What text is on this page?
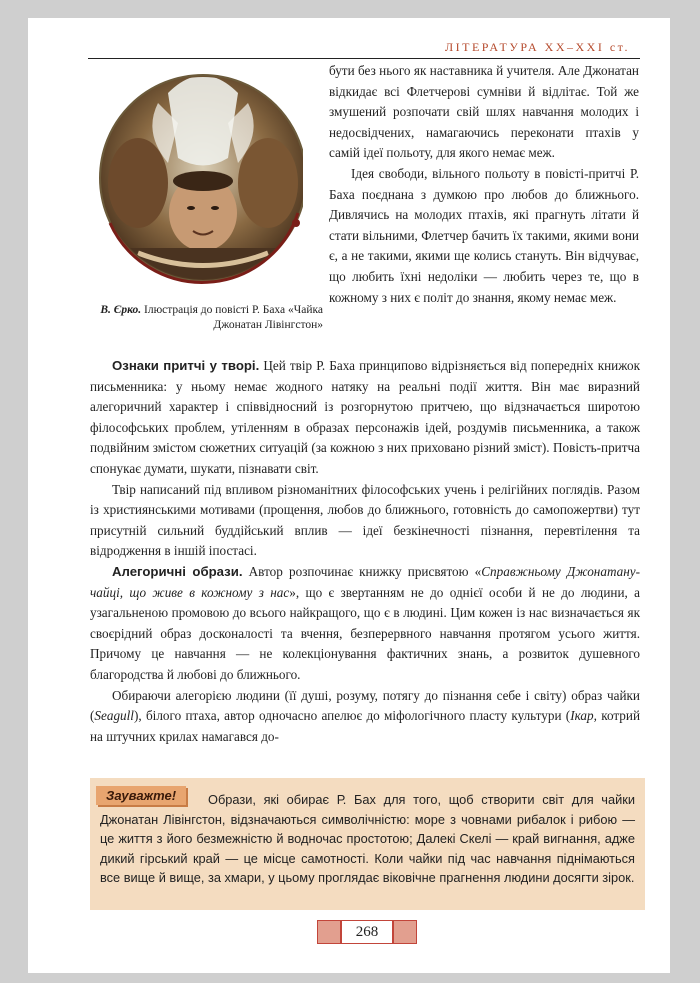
ЛІТЕРАТУРА XX–XXI ст.
В. Єрко. Ілюстрація до повісті Р. Баха «Чайка Джонатан Лівінгстон»

бути без нього як наставника й учителя. Але Джонатан відкидає всі Флетчерові сумніви й відлітає. Той же змушений розпочати свій шлях навчання молодих і недосвідчених, намагаючись переконати птахів у самій ідеї польоту, для якого немає меж.

Ідея свободи, вільного польоту в повісті-притчі Р. Баха поєднана з думкою про любов до ближнього. Дивлячись на молодих птахів, які прагнуть літати й стати вільними, Флетчер бачить їх такими, якими вони є, а не такими, якими ще колись стануть. Він відчуває, що любить їхні недоліки — любить через те, що в кожному з них є політ до знання, якому немає меж.

Ознаки притчі у творі. Цей твір Р. Баха принципово відрізняється від попередніх книжок письменника: у ньому немає жодного натяку на реальні події життя. Він має виразний алегоричний характер і співвідносний із розгорнутою притчею, що відзначається широтою філософських проблем, утіленням в образах персонажів ідей, роздумів письменника, а також подвійним змістом сюжетних ситуацій (за кожною з них приховано різний зміст). Повість-притча спонукає думати, шукати, пізнавати світ.

Твір написаний під впливом різноманітних філософських учень і релігійних поглядів. Разом із християнськими мотивами (прощення, любов до ближнього, готовність до самопожертви) тут присутній сильний буддійський вплив — ідеї безкінечності пізнання, перевтілення та відродження в іншій іпостасі.

Алегоричні образи. Автор розпочинає книжку присвятою «Справжньому Джонатану-чайці, що живе в кожному з нас», що є звертанням не до однієї особи й не до людини, а узагальненою промовою до всього найкращого, що є в людині. Цим кожен із нас визначається як своєрідний образ досконалості та вчення, безперервного навчання протягом усього життя. Причому це навчання — не колекціонування фактичних знань, а розвиток душевного благородства й любові до ближнього.

Обираючи алегорією людини (її душі, розуму, потягу до пізнання себе і світу) образ чайки (Seagull), білого птаха, автор одночасно апелює до міфологічного пласту культури (Ікар, котрий на штучних крилах намагався до-

Образи, які обирає Р. Бах для того, щоб створити світ для чайки Джонатан Лівінгстон, відзначаються символічністю: море з човнами рибалок і рибою — це життя з його безмежністю й водночас простотою; Далекі Скелі — край вигнання, адже дикий гірський край — це місце самотності. Коли чайки під час навчання піднімаються все вище й вище, за хмари, у цьому проглядає віковічне прагнення людини досягти зірок.
Зауважте!
268
